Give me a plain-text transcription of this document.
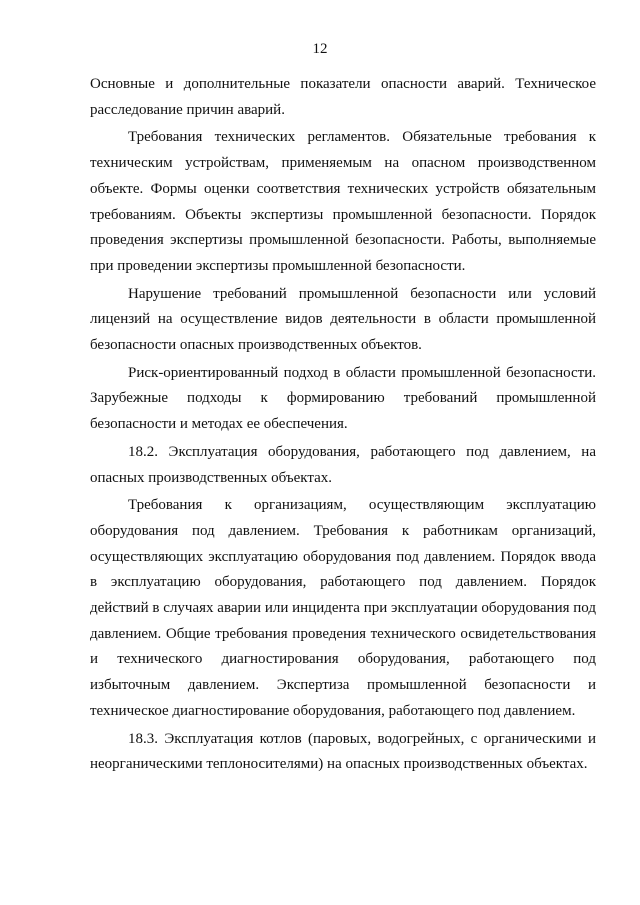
12

Основные и дополнительные показатели опасности аварий. Техническое расследование причин аварий.

Требования технических регламентов. Обязательные требования к техническим устройствам, применяемым на опасном производственном объекте. Формы оценки соответствия технических устройств обязательным требованиям. Объекты экспертизы промышленной безопасности. Порядок проведения экспертизы промышленной безопасности. Работы, выполняемые при проведении экспертизы промышленной безопасности.

Нарушение требований промышленной безопасности или условий лицензий на осуществление видов деятельности в области промышленной безопасности опасных производственных объектов.

Риск-ориентированный подход в области промышленной безопасности. Зарубежные подходы к формированию требований промышленной безопасности и методах ее обеспечения.

18.2. Эксплуатация оборудования, работающего под давлением, на опасных производственных объектах.

Требования к организациям, осуществляющим эксплуатацию оборудования под давлением. Требования к работникам организаций, осуществляющих эксплуатацию оборудования под давлением. Порядок ввода в эксплуатацию оборудования, работающего под давлением. Порядок действий в случаях аварии или инцидента при эксплуатации оборудования под давлением. Общие требования проведения технического освидетельствования и технического диагностирования оборудования, работающего под избыточным давлением. Экспертиза промышленной безопасности и техническое диагностирование оборудования, работающего под давлением.

18.3. Эксплуатация котлов (паровых, водогрейных, с органическими и неорганическими теплоносителями) на опасных производственных объектах.
